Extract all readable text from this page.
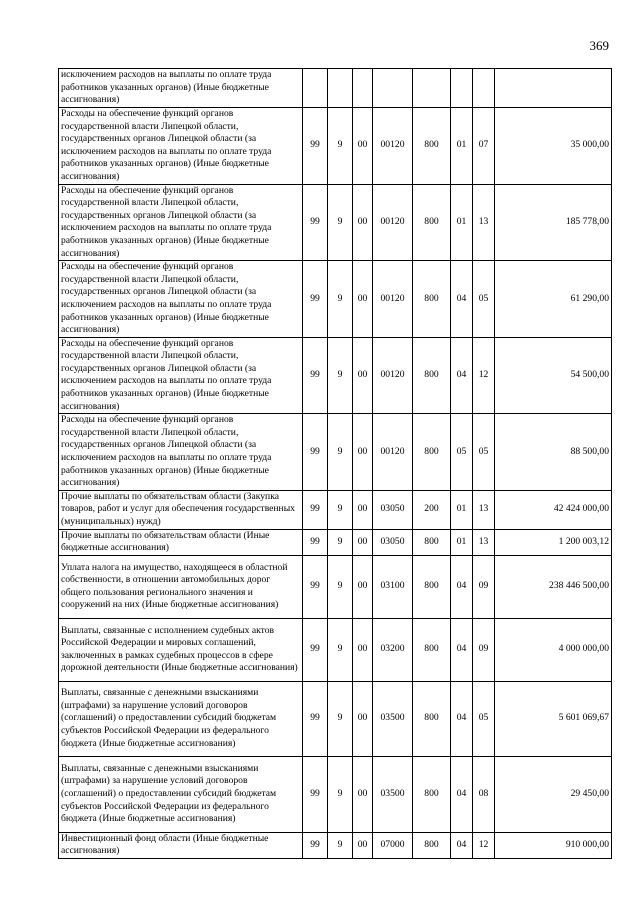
369
исключением расходов на выплаты по оплате труда работников указанных органов) (Иные бюджетные ассигнования)								
Расходы на обеспечение функций органов государственной власти Липецкой области, государственных органов Липецкой области (за исключением расходов на выплаты по оплате труда работников указанных органов) (Иные бюджетные ассигнования)	99	9	00	00120	800	01	07	35 000,00
Расходы на обеспечение функций органов государственной власти Липецкой области, государственных органов Липецкой области (за исключением расходов на выплаты по оплате труда работников указанных органов) (Иные бюджетные ассигнования)	99	9	00	00120	800	01	13	185 778,00
Расходы на обеспечение функций органов государственной власти Липецкой области, государственных органов Липецкой области (за исключением расходов на выплаты по оплате труда работников указанных органов) (Иные бюджетные ассигнования)	99	9	00	00120	800	04	05	61 290,00
Расходы на обеспечение функций органов государственной власти Липецкой области, государственных органов Липецкой области (за исключением расходов на выплаты по оплате труда работников указанных органов) (Иные бюджетные ассигнования)	99	9	00	00120	800	04	12	54 500,00
Расходы на обеспечение функций органов государственной власти Липецкой области, государственных органов Липецкой области (за исключением расходов на выплаты по оплате труда работников указанных органов) (Иные бюджетные ассигнования)	99	9	00	00120	800	05	05	88 500,00
Прочие выплаты по обязательствам области (Закупка товаров, работ и услуг для обеспечения государственных (муниципальных) нужд)	99	9	00	03050	200	01	13	42 424 000,00
Прочие выплаты по обязательствам области (Иные бюджетные ассигнования)	99	9	00	03050	800	01	13	1 200 003,12
Уплата налога на имущество, находящееся в областной собственности, в отношении автомобильных дорог общего пользования регионального значения и сооружений на них (Иные бюджетные ассигнования)	99	9	00	03100	800	04	09	238 446 500,00
Выплаты, связанные с исполнением судебных актов Российской Федерации и мировых соглашений, заключенных в рамках судебных процессов в сфере дорожной деятельности (Иные бюджетные ассигнования)	99	9	00	03200	800	04	09	4 000 000,00
Выплаты, связанные с денежными взысканиями (штрафами) за нарушение условий договоров (соглашений) о предоставлении субсидий бюджетам субъектов Российской Федерации из федерального бюджета (Иные бюджетные ассигнования)	99	9	00	03500	800	04	05	5 601 069,67
Выплаты, связанные с денежными взысканиями (штрафами) за нарушение условий договоров (соглашений) о предоставлении субсидий бюджетам субъектов Российской Федерации из федерального бюджета (Иные бюджетные ассигнования)	99	9	00	03500	800	04	08	29 450,00
Инвестиционный фонд области (Иные бюджетные ассигнования)	99	9	00	07000	800	04	12	910 000,00
